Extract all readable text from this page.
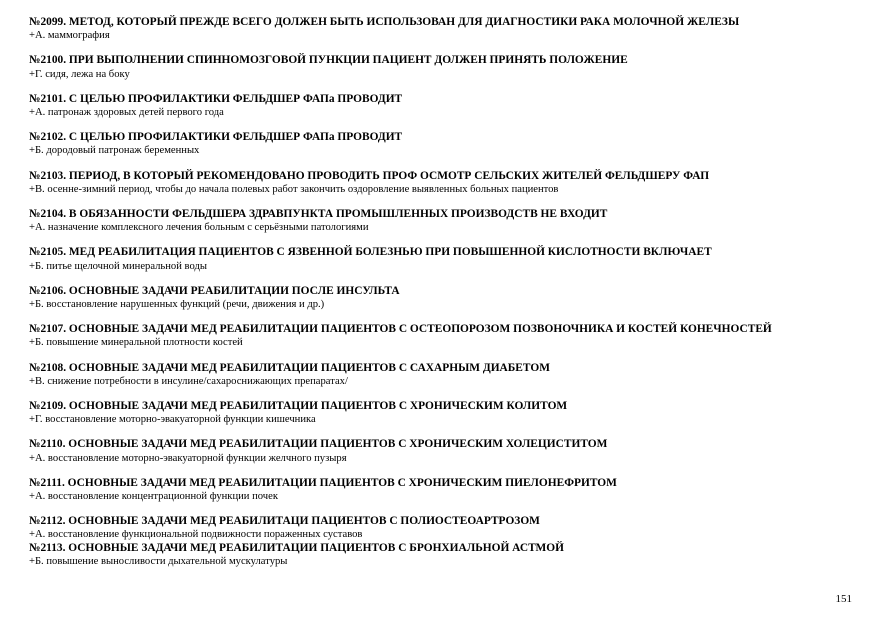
№2099. МЕТОД, КОТОРЫЙ ПРЕЖДЕ ВСЕГО ДОЛЖЕН БЫТЬ ИСПОЛЬЗОВАН ДЛЯ ДИАГНОСТИКИ РАКА МОЛОЧНОЙ ЖЕЛЕЗЫ
+А. маммография
№2100. ПРИ ВЫПОЛНЕНИИ СПИННОМОЗГОВОЙ ПУНКЦИИ ПАЦИЕНТ ДОЛЖЕН ПРИНЯТЬ ПОЛОЖЕНИЕ
+Г. сидя, лежа на боку
№2101. С ЦЕЛЬЮ ПРОФИЛАКТИКИ ФЕЛЬДШЕР ФАПа ПРОВОДИТ
+А. патронаж здоровых детей первого года
№2102. С ЦЕЛЬЮ ПРОФИЛАКТИКИ ФЕЛЬДШЕР ФАПа ПРОВОДИТ
+Б. дородовый патронаж беременных
№2103. ПЕРИОД, В КОТОРЫЙ РЕКОМЕНДОВАНО ПРОВОДИТЬ ПРОФ ОСМОТР СЕЛЬСКИХ ЖИТЕЛЕЙ ФЕЛЬДШЕРУ ФАП
+В. осенне-зимний период, чтобы до начала полевых работ закончить оздоровление выявленных больных пациентов
№2104. В ОБЯЗАННОСТИ ФЕЛЬДШЕРА ЗДРАВПУНКТА ПРОМЫШЛЕННЫХ ПРОИЗВОДСТВ НЕ ВХОДИТ
+А. назначение комплексного лечения больным с серьёзными патологиями
№2105. МЕД РЕАБИЛИТАЦИЯ ПАЦИЕНТОВ С ЯЗВЕННОЙ БОЛЕЗНЬЮ ПРИ ПОВЫШЕННОЙ КИСЛОТНОСТИ ВКЛЮЧАЕТ
+Б. питье щелочной минеральной воды
№2106. ОСНОВНЫЕ ЗАДАЧИ РЕАБИЛИТАЦИИ ПОСЛЕ ИНСУЛЬТА
+Б. восстановление нарушенных функций (речи, движения и др.)
№2107. ОСНОВНЫЕ ЗАДАЧИ МЕД РЕАБИЛИТАЦИИ ПАЦИЕНТОВ С ОСТЕОПОРОЗОМ ПОЗВОНОЧНИКА И КОСТЕЙ КОНЕЧНОСТЕЙ
+Б. повышение минеральной плотности костей
№2108. ОСНОВНЫЕ ЗАДАЧИ МЕД РЕАБИЛИТАЦИИ ПАЦИЕНТОВ С САХАРНЫМ ДИАБЕТОМ
+В. снижение потребности в инсулине/сахароснижающих препаратах/
№2109. ОСНОВНЫЕ ЗАДАЧИ МЕД РЕАБИЛИТАЦИИ ПАЦИЕНТОВ С ХРОНИЧЕСКИМ КОЛИТОМ
+Г. восстановление моторно-эвакуаторной функции кишечника
№2110. ОСНОВНЫЕ ЗАДАЧИ МЕД РЕАБИЛИТАЦИИ ПАЦИЕНТОВ С ХРОНИЧЕСКИМ ХОЛЕЦИСТИТОМ
+А. восстановление моторно-эвакуаторной функции желчного пузыря
№2111. ОСНОВНЫЕ ЗАДАЧИ МЕД РЕАБИЛИТАЦИИ ПАЦИЕНТОВ С ХРОНИЧЕСКИМ ПИЕЛОНЕФРИТОМ
+А. восстановление концентрационной функции почек
№2112. ОСНОВНЫЕ ЗАДАЧИ МЕД РЕАБИЛИТАЦИ ПАЦИЕНТОВ С ПОЛИОСТЕОАРТРОЗОМ
+А. восстановление функциональной подвижности пораженных суставов
№2113. ОСНОВНЫЕ ЗАДАЧИ МЕД РЕАБИЛИТАЦИИ ПАЦИЕНТОВ С БРОНХИАЛЬНОЙ АСТМОЙ
+Б. повышение выносливости дыхательной мускулатуры
151
